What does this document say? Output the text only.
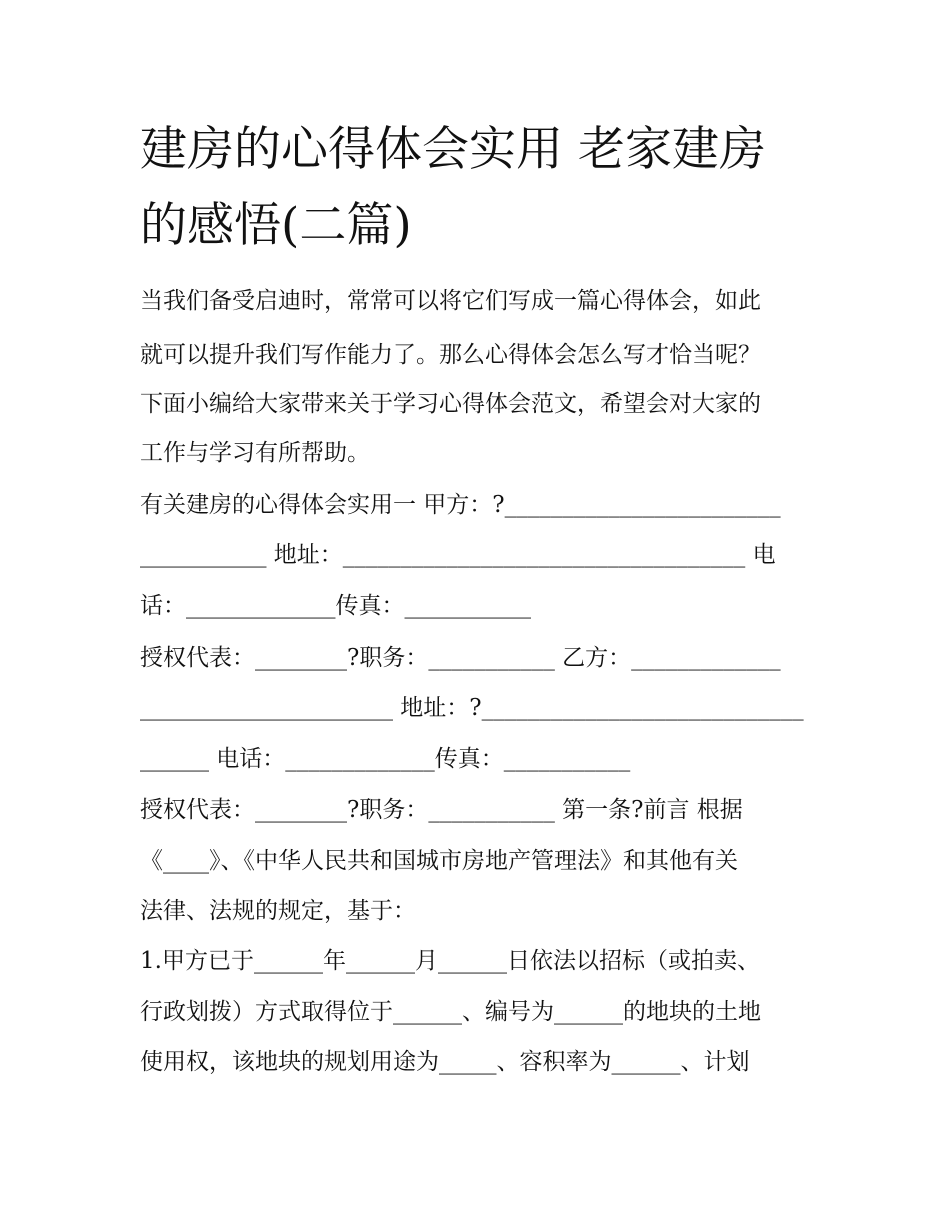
建房的心得体会实用 老家建房
的感悟(二篇)

当我们备受启迪时，常常可以将它们写成一篇心得体会，如此

就可以提升我们写作能力了。那么心得体会怎么写才恰当呢？

下面小编给大家带来关于学习心得体会范文，希望会对大家的

工作与学习有所帮助。

有关建房的心得体会实用一 甲方：?________________________

___________ 地址：___________________________________ 电

话：_____________传真：___________

授权代表：________?职务：___________ 乙方：_____________

______________________ 地址：?____________________________

______ 电话：_____________传真：___________

授权代表：________?职务：___________ 第一条?前言 根据

《____》、《中华人民共和国城市房地产管理法》和其他有关

法律、法规的规定，基于：

1.甲方已于______年______月______日依法以招标（或拍卖、

行政划拨）方式取得位于______、编号为______的地块的土地

使用权，该地块的规划用途为_____、容积率为______、计划
